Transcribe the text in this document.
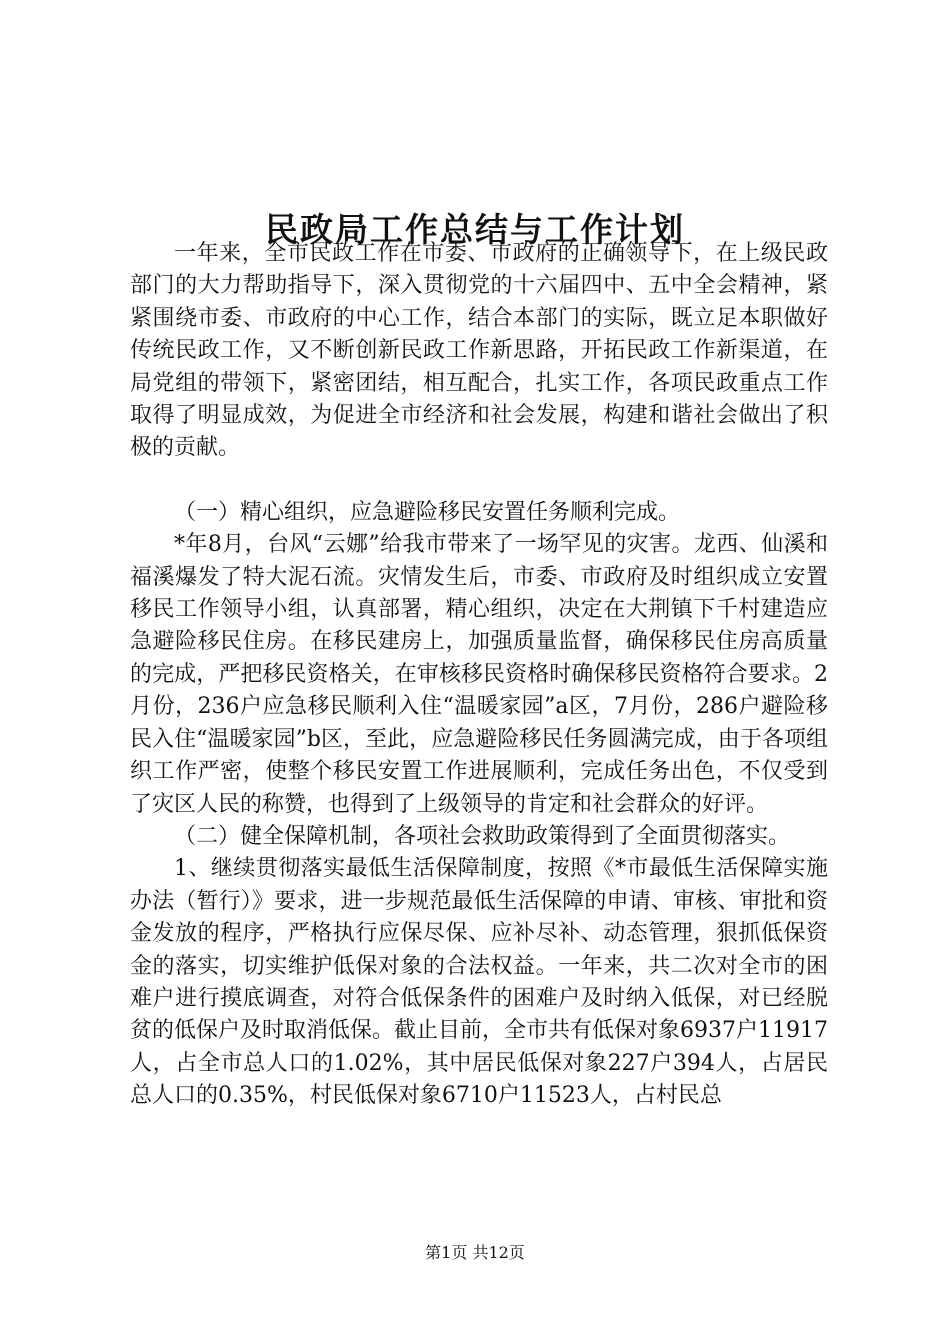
民政局工作总结与工作计划

一年来，全市民政工作在市委、市政府的正确领导下，在上级民政部门的大力帮助指导下，深入贯彻党的十六届四中、五中全会精神，紧紧围绕市委、市政府的中心工作，结合本部门的实际，既立足本职做好传统民政工作，又不断创新民政工作新思路，开拓民政工作新渠道，在局党组的带领下，紧密团结，相互配合，扎实工作，各项民政重点工作取得了明显成效，为促进全市经济和社会发展，构建和谐社会做出了积极的贡献。

（一）精心组织，应急避险移民安置任务顺利完成。

*年8月，台风“云娜”给我市带来了一场罕见的灾害。龙西、仙溪和福溪爆发了特大泥石流。灾情发生后，市委、市政府及时组织成立安置移民工作领导小组，认真部署，精心组织，决定在大荆镇下千村建造应急避险移民住房。在移民建房上，加强质量监督，确保移民住房高质量的完成，严把移民资格关，在审核移民资格时确保移民资格符合要求。2月份，236户应急移民顺利入住“温暖家园”a区，7月份，286户避险移民入住“温暖家园”b区，至此，应急避险移民任务圆满完成，由于各项组织工作严密，使整个移民安置工作进展顺利，完成任务出色，不仅受到了灾区人民的称赞，也得到了上级领导的肯定和社会群众的好评。

（二）健全保障机制，各项社会救助政策得到了全面贯彻落实。

1、继续贯彻落实最低生活保障制度，按照《*市最低生活保障实施办法（暂行）》要求，进一步规范最低生活保障的申请、审核、审批和资金发放的程序，严格执行应保尽保、应补尽补、动态管理，狠抓低保资金的落实，切实维护低保对象的合法权益。一年来，共二次对全市的困难户进行摸底调查，对符合低保条件的困难户及时纳入低保，对已经脱贫的低保户及时取消低保。截止目前，全市共有低保对象6937户11917人，占全市总人口的1.02%，其中居民低保对象227户394人，占居民总人口的0.35%，村民低保对象6710户11523人，占村民总

第1页 共12页
